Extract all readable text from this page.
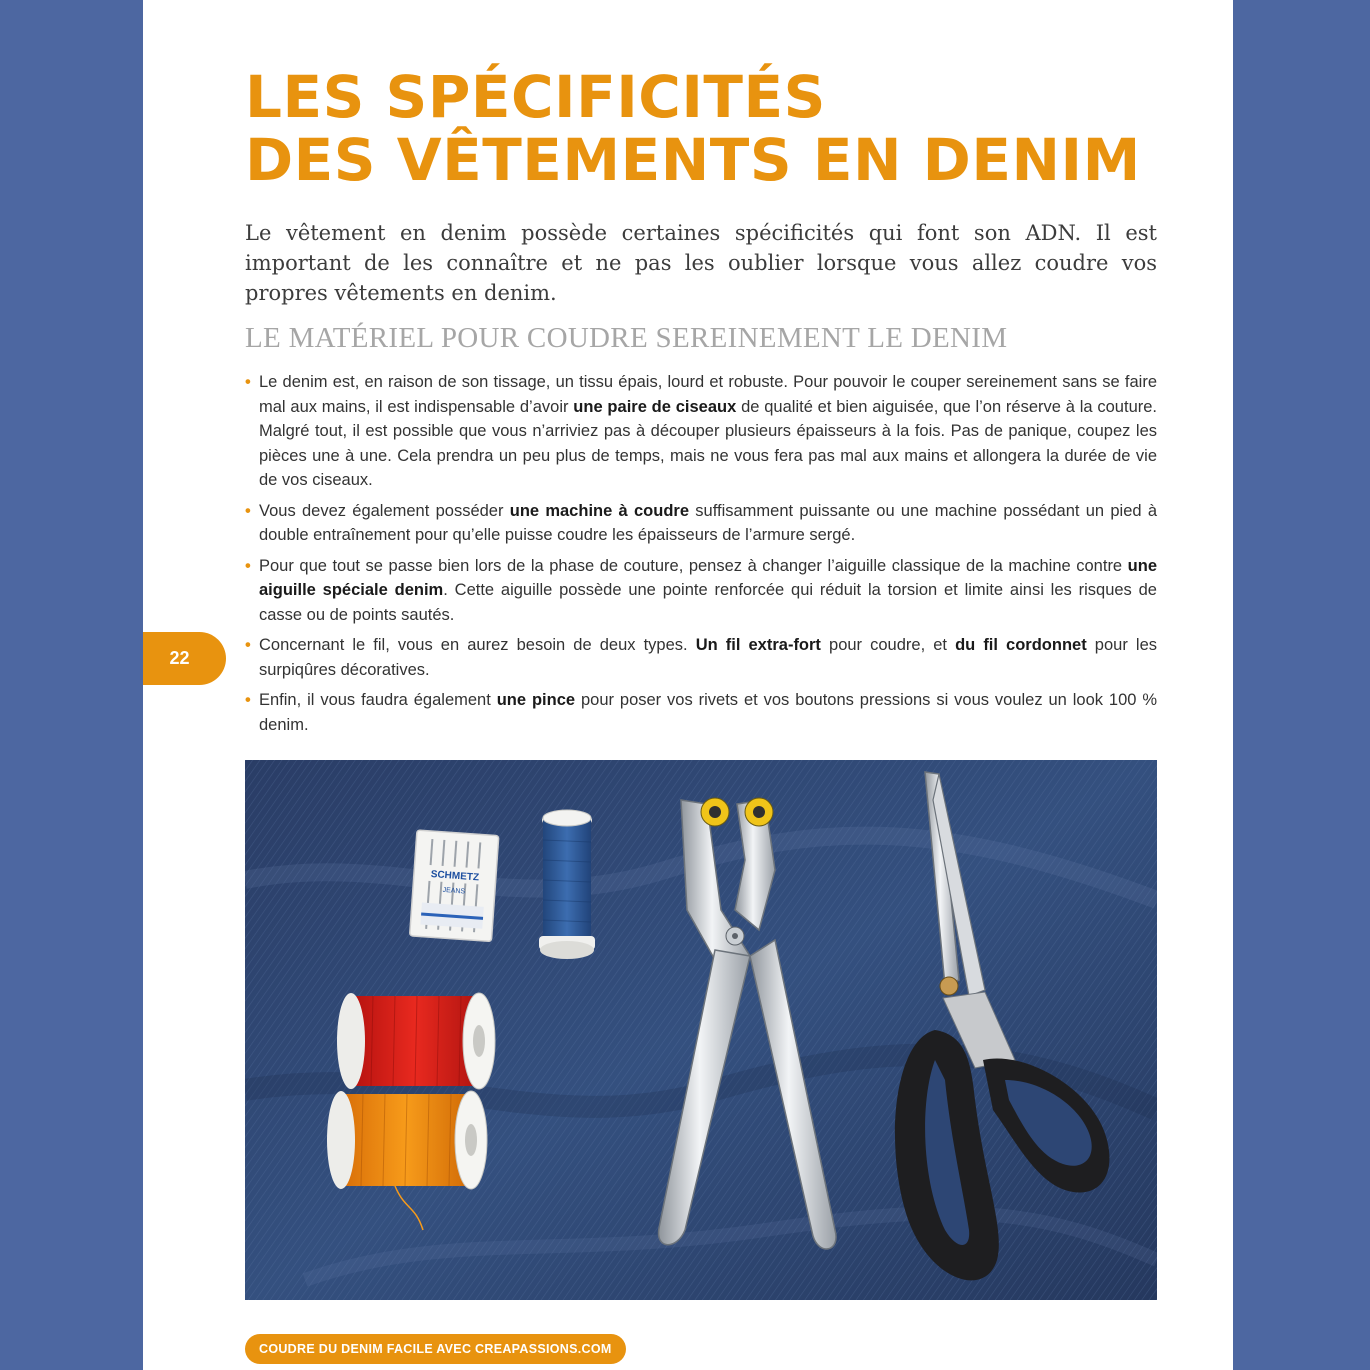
LES SPÉCIFICITÉS
DES VÊTEMENTS EN DENIM

Le vêtement en denim possède certaines spécificités qui font son ADN. Il est important de les connaître et ne pas les oublier lorsque vous allez coudre vos propres vêtements en denim.

LE MATÉRIEL POUR COUDRE SEREINEMENT LE DENIM
• Le denim est, en raison de son tissage, un tissu épais, lourd et robuste. Pour pouvoir le couper sereinement sans se faire mal aux mains, il est indispensable d’avoir une paire de ciseaux de qualité et bien aiguisée, que l’on réserve à la couture. Malgré tout, il est possible que vous n’arriviez pas à découper plusieurs épaisseurs à la fois. Pas de panique, coupez les pièces une à une. Cela prendra un peu plus de temps, mais ne vous fera pas mal aux mains et allongera la durée de vie de vos ciseaux.
• Vous devez également posséder une machine à coudre suffisamment puissante ou une machine possédant un pied à double entraînement pour qu’elle puisse coudre les épaisseurs de l’armure sergé.
• Pour que tout se passe bien lors de la phase de couture, pensez à changer l’aiguille classique de la machine contre une aiguille spéciale denim. Cette aiguille possède une pointe renforcée qui réduit la torsion et limite ainsi les risques de casse ou de points sautés.
• Concernant le fil, vous en aurez besoin de deux types. Un fil extra-fort pour coudre, et du fil cordonnet pour les surpiqûres décoratives.
• Enfin, il vous faudra également une pince pour poser vos rivets et vos boutons pressions si vous voulez un look 100 % denim.
22
SCHMETZ
JEANS
COUDRE DU DENIM FACILE AVEC CREAPASSIONS.COM
